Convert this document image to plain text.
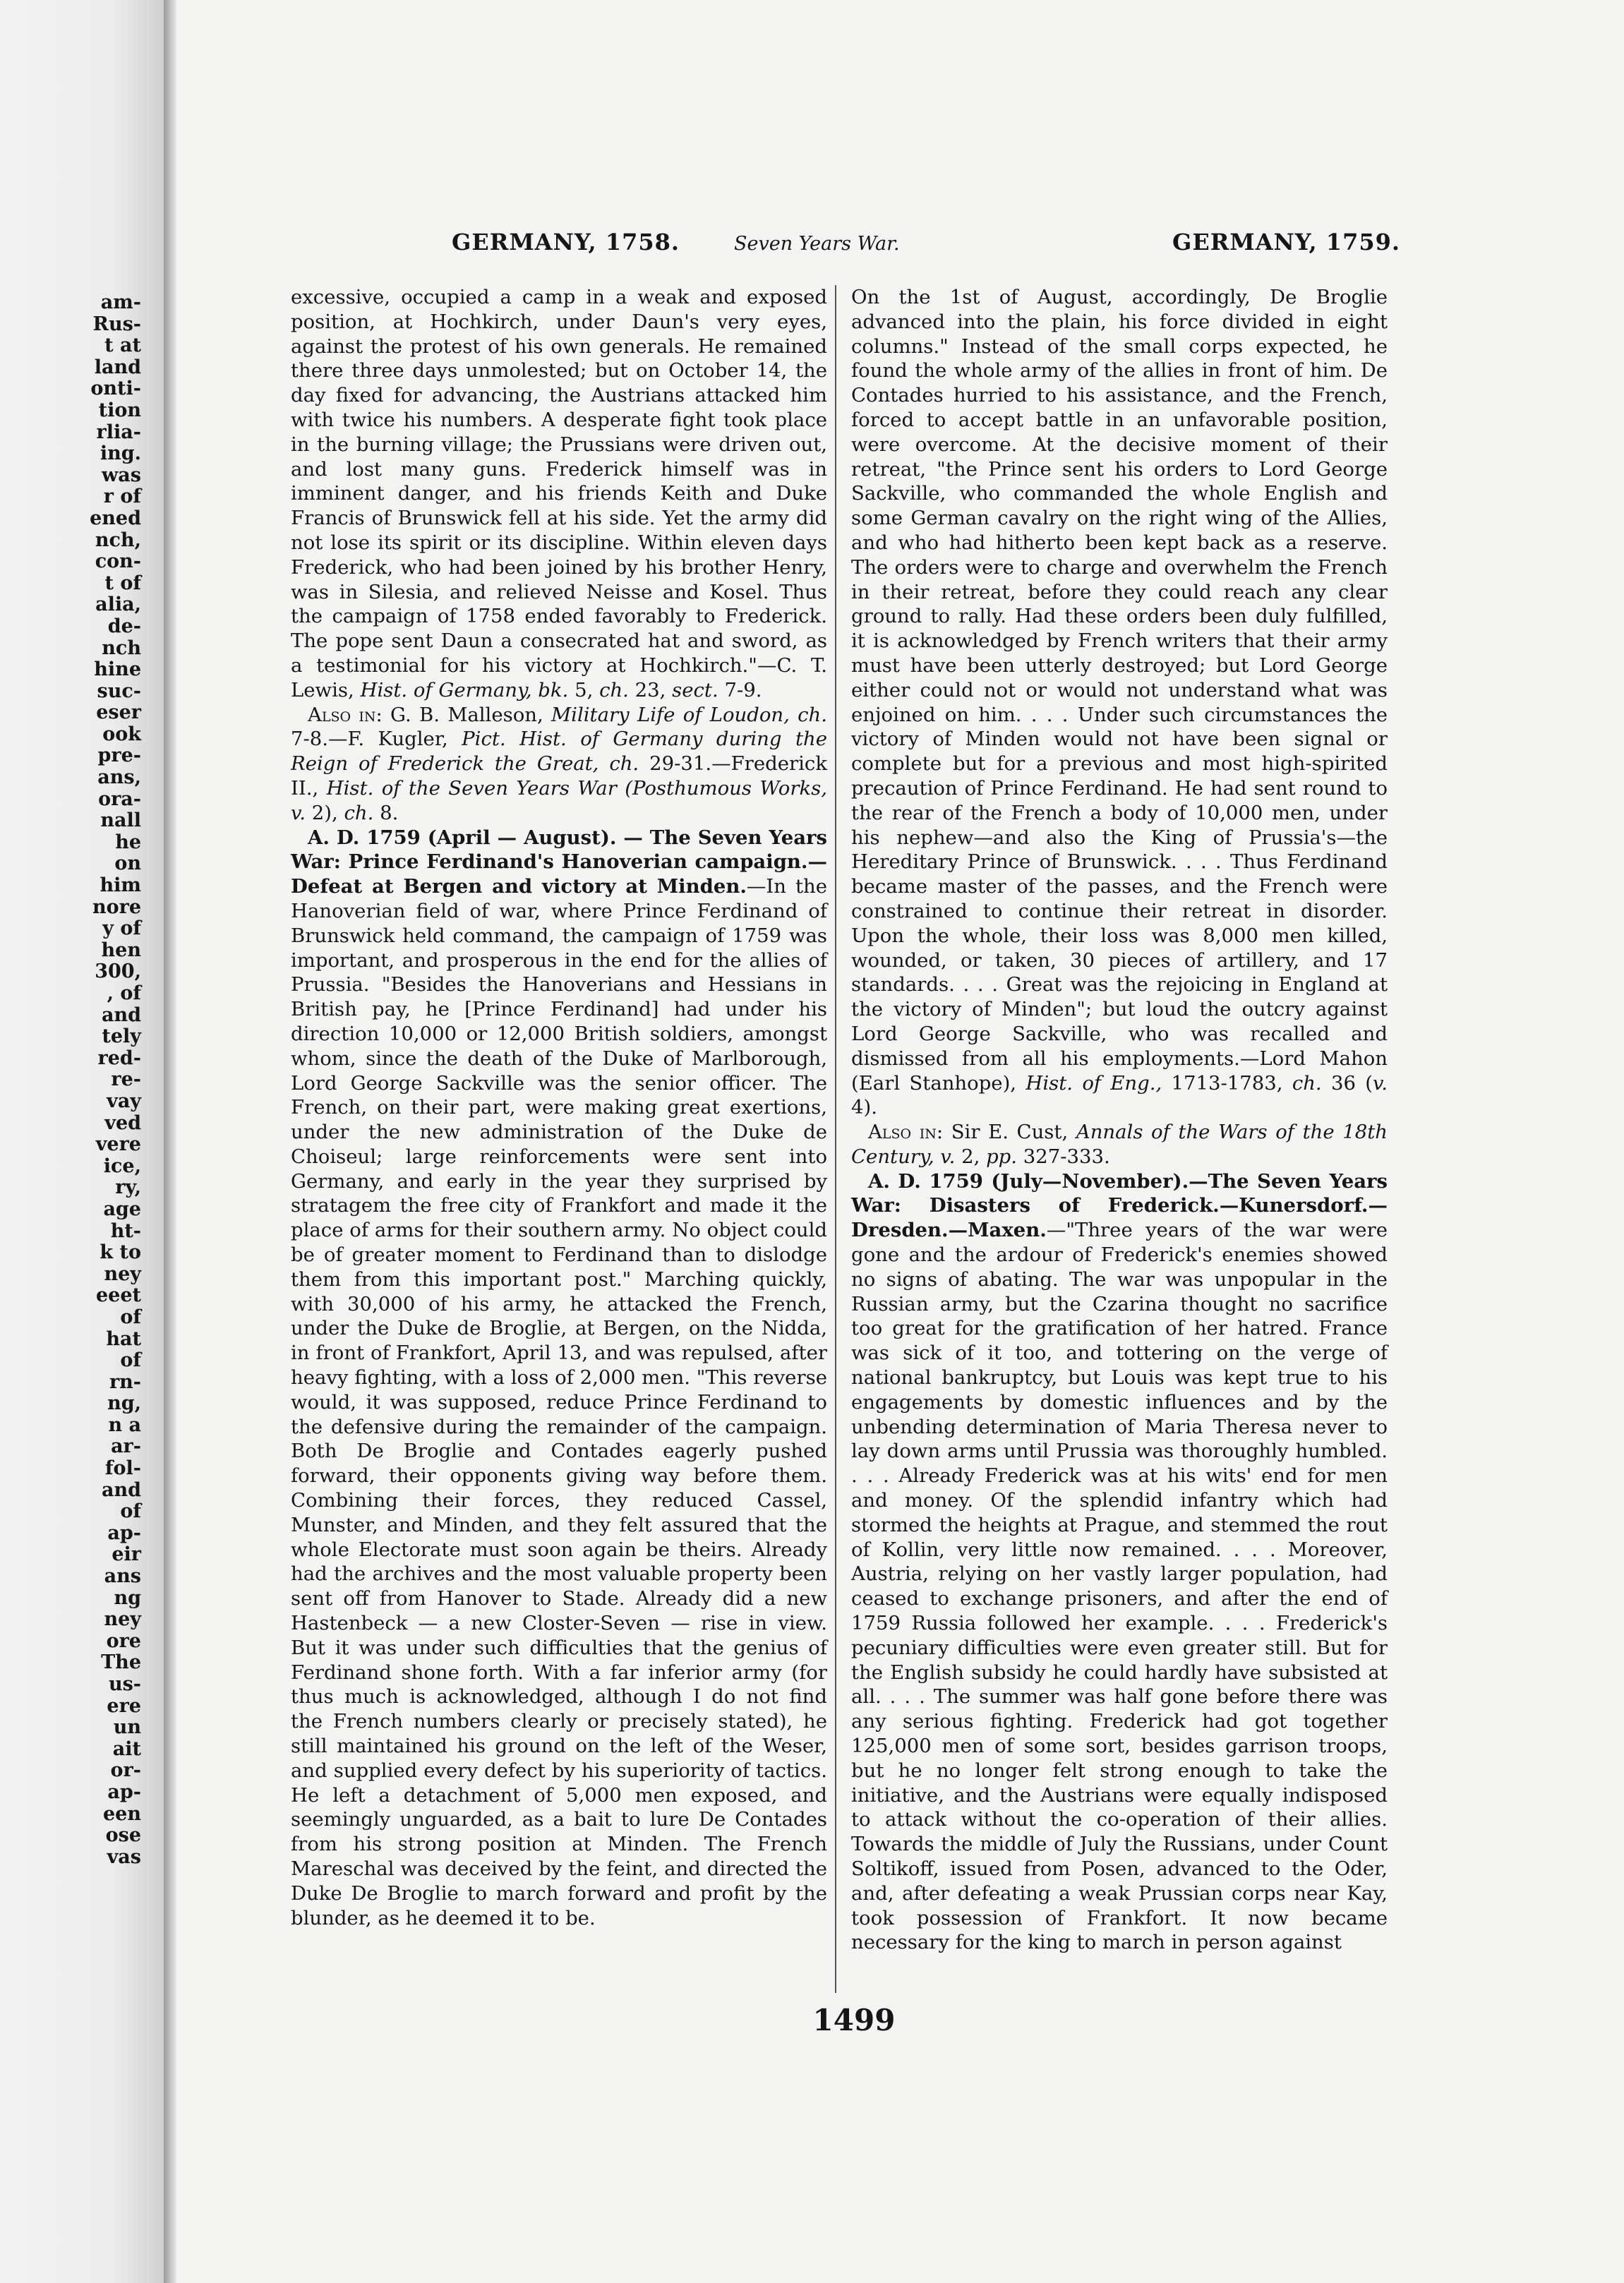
am-
Rus-
t at
land
onti-
tion
rlia-
ing.
was
r of
ened
nch,
con-
t of
alia,
de-
nch
hine
suc-
eser
ook
pre-
ans,
ora-
nall
he
on
him
nore
y of
hen
300,
, of
and
tely
red-
re-
vay
ved
vere
ice,
ry,
age
ht-
k to
ney
eeet
of
hat
of
rn-
ng,
n a
ar-
fol-
and
of
ap-
eir
ans
ng
ney
ore
The
us-
ere
un
ait
or-
ap-
een
ose
vas
GERMANY, 1758.	Seven Years War.	GERMANY, 1759.

excessive, occupied a camp in a weak and exposed position, at Hochkirch, under Daun's very eyes, against the protest of his own generals. He remained there three days unmolested; but on October 14, the day fixed for advancing, the Austrians attacked him with twice his numbers. A desperate fight took place in the burning village; the Prussians were driven out, and lost many guns. Frederick himself was in imminent danger, and his friends Keith and Duke Francis of Brunswick fell at his side. Yet the army did not lose its spirit or its discipline. Within eleven days Frederick, who had been joined by his brother Henry, was in Silesia, and relieved Neisse and Kosel. Thus the campaign of 1758 ended favorably to Frederick. The pope sent Daun a consecrated hat and sword, as a testimonial for his victory at Hochkirch."—C. T. Lewis, Hist. of Germany, bk. 5, ch. 23, sect. 7-9.

Also in: G. B. Malleson, Military Life of Loudon, ch. 7-8.—F. Kugler, Pict. Hist. of Germany during the Reign of Frederick the Great, ch. 29-31.—Frederick II., Hist. of the Seven Years War (Posthumous Works, v. 2), ch. 8.

A. D. 1759 (April — August). — The Seven Years War: Prince Ferdinand's Hanoverian campaign.—Defeat at Bergen and victory at Minden.—In the Hanoverian field of war, where Prince Ferdinand of Brunswick held command, the campaign of 1759 was important, and prosperous in the end for the allies of Prussia. "Besides the Hanoverians and Hessians in British pay, he [Prince Ferdinand] had under his direction 10,000 or 12,000 British soldiers, amongst whom, since the death of the Duke of Marlborough, Lord George Sackville was the senior officer. The French, on their part, were making great exertions, under the new administration of the Duke de Choiseul; large reinforcements were sent into Germany, and early in the year they surprised by stratagem the free city of Frankfort and made it the place of arms for their southern army. No object could be of greater moment to Ferdinand than to dislodge them from this important post." Marching quickly, with 30,000 of his army, he attacked the French, under the Duke de Broglie, at Bergen, on the Nidda, in front of Frankfort, April 13, and was repulsed, after heavy fighting, with a loss of 2,000 men. "This reverse would, it was supposed, reduce Prince Ferdinand to the defensive during the remainder of the campaign. Both De Broglie and Contades eagerly pushed forward, their opponents giving way before them. Combining their forces, they reduced Cassel, Munster, and Minden, and they felt assured that the whole Electorate must soon again be theirs. Already had the archives and the most valuable property been sent off from Hanover to Stade. Already did a new Hastenbeck — a new Closter-Seven — rise in view. But it was under such difficulties that the genius of Ferdinand shone forth. With a far inferior army (for thus much is acknowledged, although I do not find the French numbers clearly or precisely stated), he still maintained his ground on the left of the Weser, and supplied every defect by his superiority of tactics. He left a detachment of 5,000 men exposed, and seemingly unguarded, as a bait to lure De Contades from his strong position at Minden. The French Mareschal was deceived by the feint, and directed the Duke De Broglie to march forward and profit by the blunder, as he deemed it to be.

On the 1st of August, accordingly, De Broglie advanced into the plain, his force divided in eight columns." Instead of the small corps expected, he found the whole army of the allies in front of him. De Contades hurried to his assistance, and the French, forced to accept battle in an unfavorable position, were overcome. At the decisive moment of their retreat, "the Prince sent his orders to Lord George Sackville, who commanded the whole English and some German cavalry on the right wing of the Allies, and who had hitherto been kept back as a reserve. The orders were to charge and overwhelm the French in their retreat, before they could reach any clear ground to rally. Had these orders been duly fulfilled, it is acknowledged by French writers that their army must have been utterly destroyed; but Lord George either could not or would not understand what was enjoined on him. . . . Under such circumstances the victory of Minden would not have been signal or complete but for a previous and most high-spirited precaution of Prince Ferdinand. He had sent round to the rear of the French a body of 10,000 men, under his nephew—and also the King of Prussia's—the Hereditary Prince of Brunswick. . . . Thus Ferdinand became master of the passes, and the French were constrained to continue their retreat in disorder. Upon the whole, their loss was 8,000 men killed, wounded, or taken, 30 pieces of artillery, and 17 standards. . . . Great was the rejoicing in England at the victory of Minden"; but loud the outcry against Lord George Sackville, who was recalled and dismissed from all his employments.—Lord Mahon (Earl Stanhope), Hist. of Eng., 1713-1783, ch. 36 (v. 4).

Also in: Sir E. Cust, Annals of the Wars of the 18th Century, v. 2, pp. 327-333.

A. D. 1759 (July—November).—The Seven Years War: Disasters of Frederick.—Kunersdorf.—Dresden.—Maxen.—"Three years of the war were gone and the ardour of Frederick's enemies showed no signs of abating. The war was unpopular in the Russian army, but the Czarina thought no sacrifice too great for the gratification of her hatred. France was sick of it too, and tottering on the verge of national bankruptcy, but Louis was kept true to his engagements by domestic influences and by the unbending determination of Maria Theresa never to lay down arms until Prussia was thoroughly humbled. . . . Already Frederick was at his wits' end for men and money. Of the splendid infantry which had stormed the heights at Prague, and stemmed the rout of Kollin, very little now remained. . . . Moreover, Austria, relying on her vastly larger population, had ceased to exchange prisoners, and after the end of 1759 Russia followed her example. . . . Frederick's pecuniary difficulties were even greater still. But for the English subsidy he could hardly have subsisted at all. . . . The summer was half gone before there was any serious fighting. Frederick had got together 125,000 men of some sort, besides garrison troops, but he no longer felt strong enough to take the initiative, and the Austrians were equally indisposed to attack without the co-operation of their allies. Towards the middle of July the Russians, under Count Soltikoff, issued from Posen, advanced to the Oder, and, after defeating a weak Prussian corps near Kay, took possession of Frankfort. It now became necessary for the king to march in person against

1499
